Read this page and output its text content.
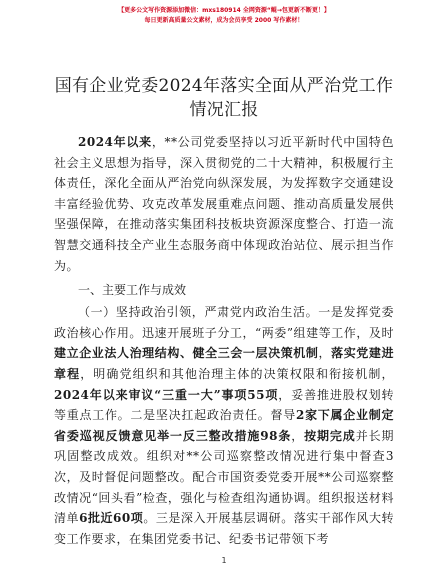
【更多公文写作资源添加微信：mxs180914 全网资源“鲲→包更新不断更！】
每日更新高质量公文素材，成为会员享受 2000 写作素材！
国有企业党委2024年落实全面从严治党工作情况汇报

2024年以来，**公司党委坚持以习近平新时代中国特色社会主义思想为指导，深入贯彻党的二十大精神，积极履行主体责任，深化全面从严治党向纵深发展，为发挥数字交通建设丰富经验优势、攻克改革发展重难点问题、推动高质量发展供坚强保障，在推动落实集团科技板块资源深度整合、打造一流智慧交通科技全产业生态服务商中体现政治站位、展示担当作为。

一、主要工作与成效

（一）坚持政治引领，严肃党内政治生活。一是发挥党委政治核心作用。迅速开展班子分工，“两委”组建等工作，及时建立企业法人治理结构、健全三会一层决策机制，落实党建进章程，明确党组织和其他治理主体的决策权限和衔接机制，2024年以来审议“三重一大”事项55项，妥善推进股权划转等重点工作。二是坚决扛起政治责任。督导2家下属企业制定省委巡视反馈意见举一反三整改措施98条，按期完成并长期巩固整改成效。组织对**公司巡察整改情况进行集中督查3次，及时督促问题整改。配合市国资委党委开展**公司巡察整改情况“回头看”检查，强化与检查组沟通协调。组织报送材料清单6批近60项。三是深入开展基层调研。落实干部作风大转变工作要求，在集团党委书记、纪委书记带领下考

1
